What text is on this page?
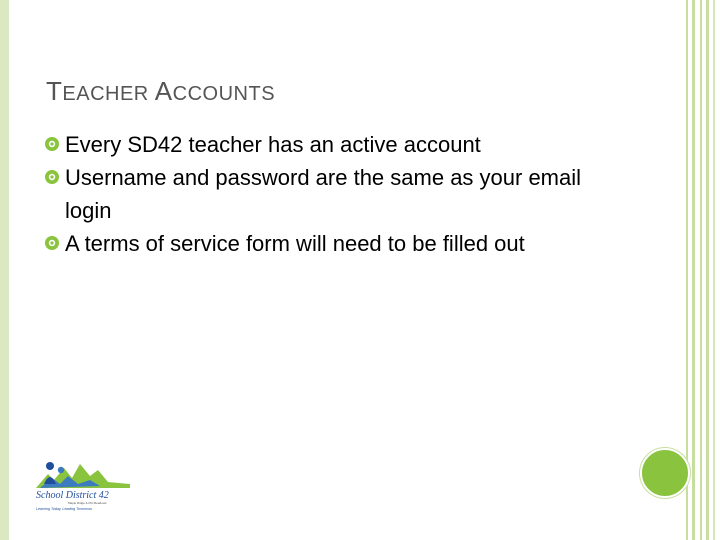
TEACHER ACCOUNTS
Every SD42 teacher has an active account
Username and password are the same as your email login
A terms of service form will need to be filled out
School District 42
Maple Ridge & Pitt Meadows
Learning Today, Leading Tomorrow
